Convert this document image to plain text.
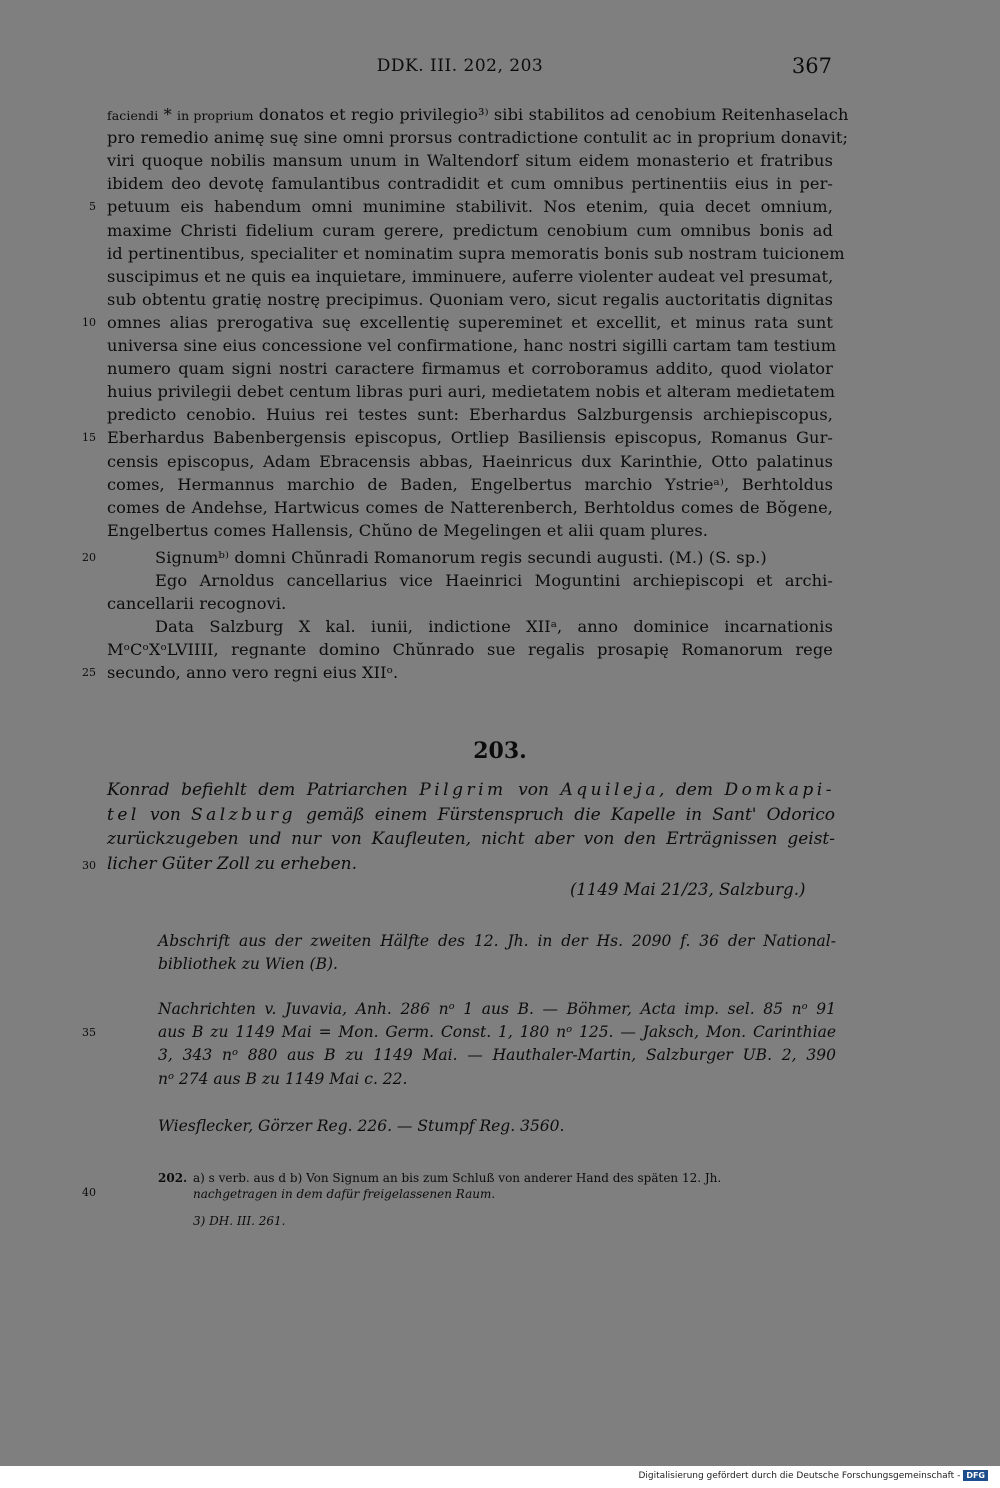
DDK. III. 202, 203	367
faciendi * in proprium donatos et regio privilegio³⁾ sibi stabilitos ad cenobium Reitenhaselach
pro remedio animę suę sine omni prorsus contradictione contulit ac in proprium donavit;
viri quoque nobilis mansum unum in Waltendorf situm eidem monasterio et fratribus
ibidem deo devotę famulantibus contradidit et cum omnibus pertinentiis eius in per-
petuum eis habendum omni munimine stabilivit. Nos etenim, quia decet omnium,
5
maxime Christi fidelium curam gerere, predictum cenobium cum omnibus bonis ad
id pertinentibus, specialiter et nominatim supra memoratis bonis sub nostram tuicionem
suscipimus et ne quis ea inquietare, imminuere, auferre violenter audeat vel presumat,
sub obtentu gratię nostrę precipimus. Quoniam vero, sicut regalis auctoritatis dignitas
omnes alias prerogativa suę excellentię supereminet et excellit, et minus rata sunt
10
universa sine eius concessione vel confirmatione, hanc nostri sigilli cartam tam testium
numero quam signi nostri caractere firmamus et corroboramus addito, quod violator
huius privilegii debet centum libras puri auri, medietatem nobis et alteram medietatem
predicto cenobio. Huius rei testes sunt: Eberhardus Salzburgensis archiepiscopus,
Eberhardus Babenbergensis episcopus, Ortliep Basiliensis episcopus, Romanus Gur-
15
censis episcopus, Adam Ebracensis abbas, Haeinricus dux Karinthie, Otto palatinus
comes, Hermannus marchio de Baden, Engelbertus marchio Ystrieᵃ⁾, Berhtoldus
comes de Andehse, Hartwicus comes de Natterenberch, Berhtoldus comes de Bŏgene,
Engelbertus comes Hallensis, Chŭno de Megelingen et alii quam plures.
Signumᵇ⁾ domni Chŭnradi Romanorum regis secundi augusti. (M.) (S. sp.)
20
Ego Arnoldus cancellarius vice Haeinrici Moguntini archiepiscopi et archi-
cancellarii recognovi.
Data Salzburg X kal. iunii, indictione XIIᵃ, anno dominice incarnationis
MᵒCᵒXᵒLVIIII, regnante domino Chŭnrado sue regalis prosapię Romanorum rege
secundo, anno vero regni eius XIIᵒ.
25
203.
Konrad befiehlt dem Patriarchen Pilgrim von Aquileja, dem Domkapi-
tel von Salzburg gemäß einem Fürstenspruch die Kapelle in Sant' Odorico
zurückzugeben und nur von Kaufleuten, nicht aber von den Erträgnissen geist-
licher Güter Zoll zu erheben.
30
(1149 Mai 21/23, Salzburg.)
Abschrift aus der zweiten Hälfte des 12. Jh. in der Hs. 2090 f. 36 der National-
bibliothek zu Wien (B).
Nachrichten v. Juvavia, Anh. 286 nᵒ 1 aus B. — Böhmer, Acta imp. sel. 85 nᵒ 91
aus B zu 1149 Mai = Mon. Germ. Const. 1, 180 nᵒ 125. — Jaksch, Mon. Carinthiae
35
3, 343 nᵒ 880 aus B zu 1149 Mai. — Hauthaler-Martin, Salzburger UB. 2, 390
nᵒ 274 aus B zu 1149 Mai c. 22.
Wiesflecker, Görzer Reg. 226. — Stumpf Reg. 3560.
202. a) s verb. aus d b) Von Signum an bis zum Schluß von anderer Hand des späten 12. Jh.
nachgetragen in dem dafür freigelassenen Raum.
40
3) DH. III. 261.
Digitalisierung gefördert durch die Deutsche Forschungsgemeinschaft - DFG
